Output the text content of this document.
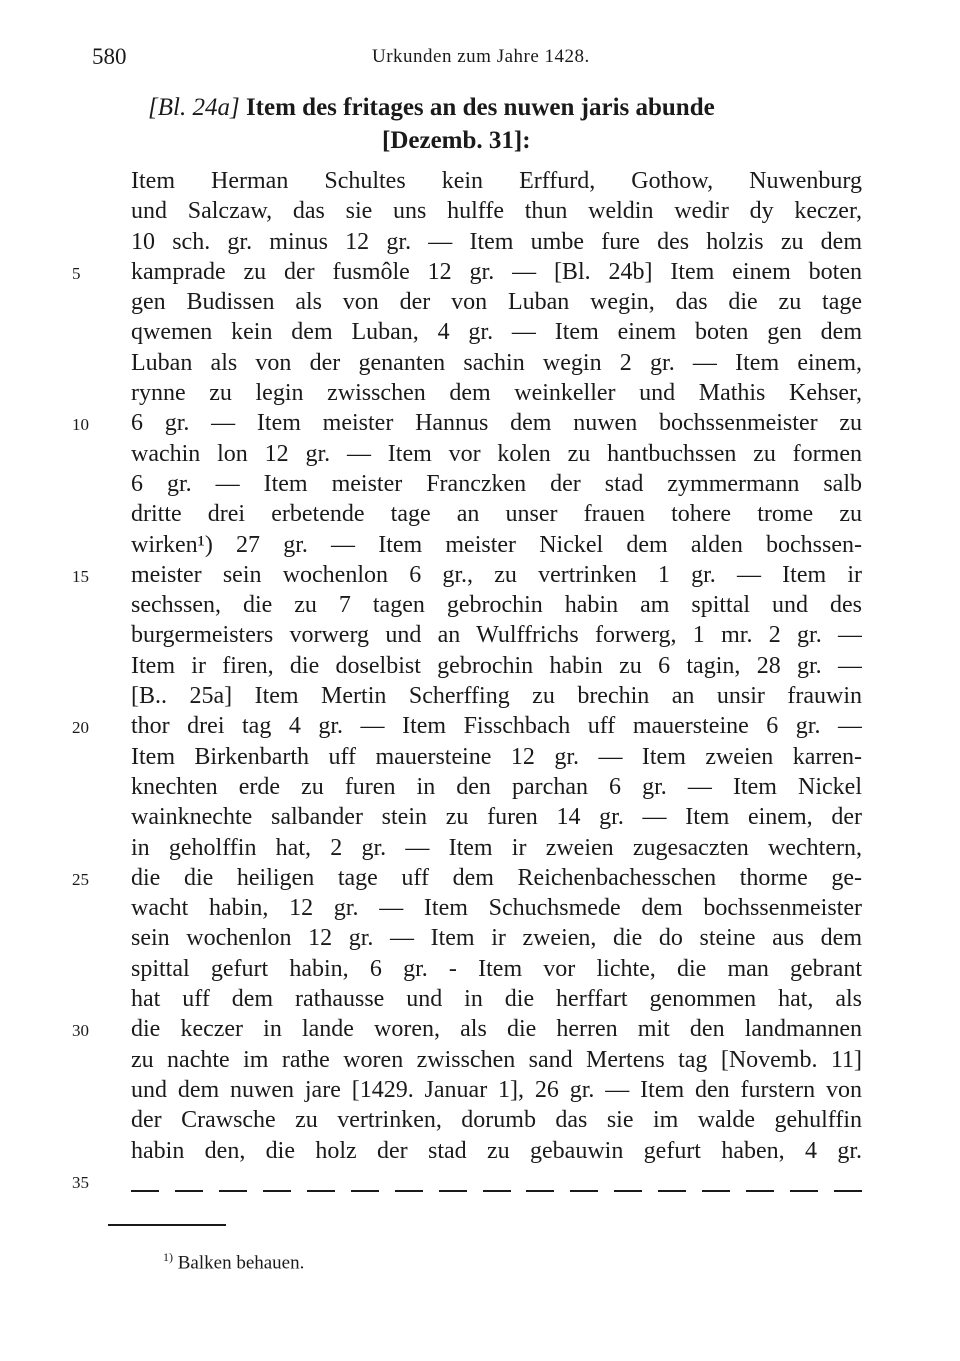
580	Urkunden zum Jahre 1428.
[Bl. 24a] Item des fritages an des nuwen jaris abunde
[Dezemb. 31]:
5
10
15
20
25
30
35
Item Herman Schultes kein Erffurd, Gothow, Nuwenburg
und Salczaw, das sie uns hulffe thun weldin wedir dy keczer,
10 sch. gr. minus 12 gr. — Item umbe fure des holzis zu dem
kamprade zu der fusmôle 12 gr. — [Bl. 24b] Item einem boten
gen Budissen als von der von Luban wegin, das die zu tage
qwemen kein dem Luban, 4 gr. — Item einem boten gen dem
Luban als von der genanten sachin wegin 2 gr. — Item einem,
rynne zu legin zwisschen dem weinkeller und Mathis Kehser,
6 gr. — Item meister Hannus dem nuwen bochssenmeister zu
wachin lon 12 gr. — Item vor kolen zu hantbuchssen zu formen
6 gr. — Item meister Franczken der stad zymmermann salb
dritte drei erbetende tage an unser frauen tohere trome zu
wirken¹) 27 gr. — Item meister Nickel dem alden bochssen-
meister sein wochenlon 6 gr., zu vertrinken 1 gr. — Item ir
sechssen, die zu 7 tagen gebrochin habin am spittal und des
burgermeisters vorwerg und an Wulffrichs forwerg, 1 mr. 2 gr. —
Item ir firen, die doselbist gebrochin habin zu 6 tagin, 28 gr. —
[B.. 25a] Item Mertin Scherffing zu brechin an unsir frauwin
thor drei tag 4 gr. — Item Fisschbach uff mauersteine 6 gr. —
Item Birkenbarth uff mauersteine 12 gr. — Item zweien karren-
knechten erde zu furen in den parchan 6 gr. — Item Nickel
wainknechte salbander stein zu furen 14 gr. — Item einem, der
in geholffin hat, 2 gr. — Item ir zweien zugesaczten wechtern,
die die heiligen tage uff dem Reichenbachesschen thorme ge-
wacht habin, 12 gr. — Item Schuchsmede dem bochssenmeister
sein wochenlon 12 gr. — Item ir zweien, die do steine aus dem
spittal gefurt habin, 6 gr. - Item vor lichte, die man gebrant
hat uff dem rathausse und in die herffart genommen hat, als
die keczer in lande woren, als die herren mit den landmannen
zu nachte im rathe woren zwisschen sand Mertens tag [Novemb. 11]
und dem nuwen jare [1429. Januar 1], 26 gr. — Item den furstern von
der Crawsche zu vertrinken, dorumb das sie im walde gehulffin
habin den, die holz der stad zu gebauwin gefurt haben, 4 gr.
$^{1)}$ Balken behauen.
